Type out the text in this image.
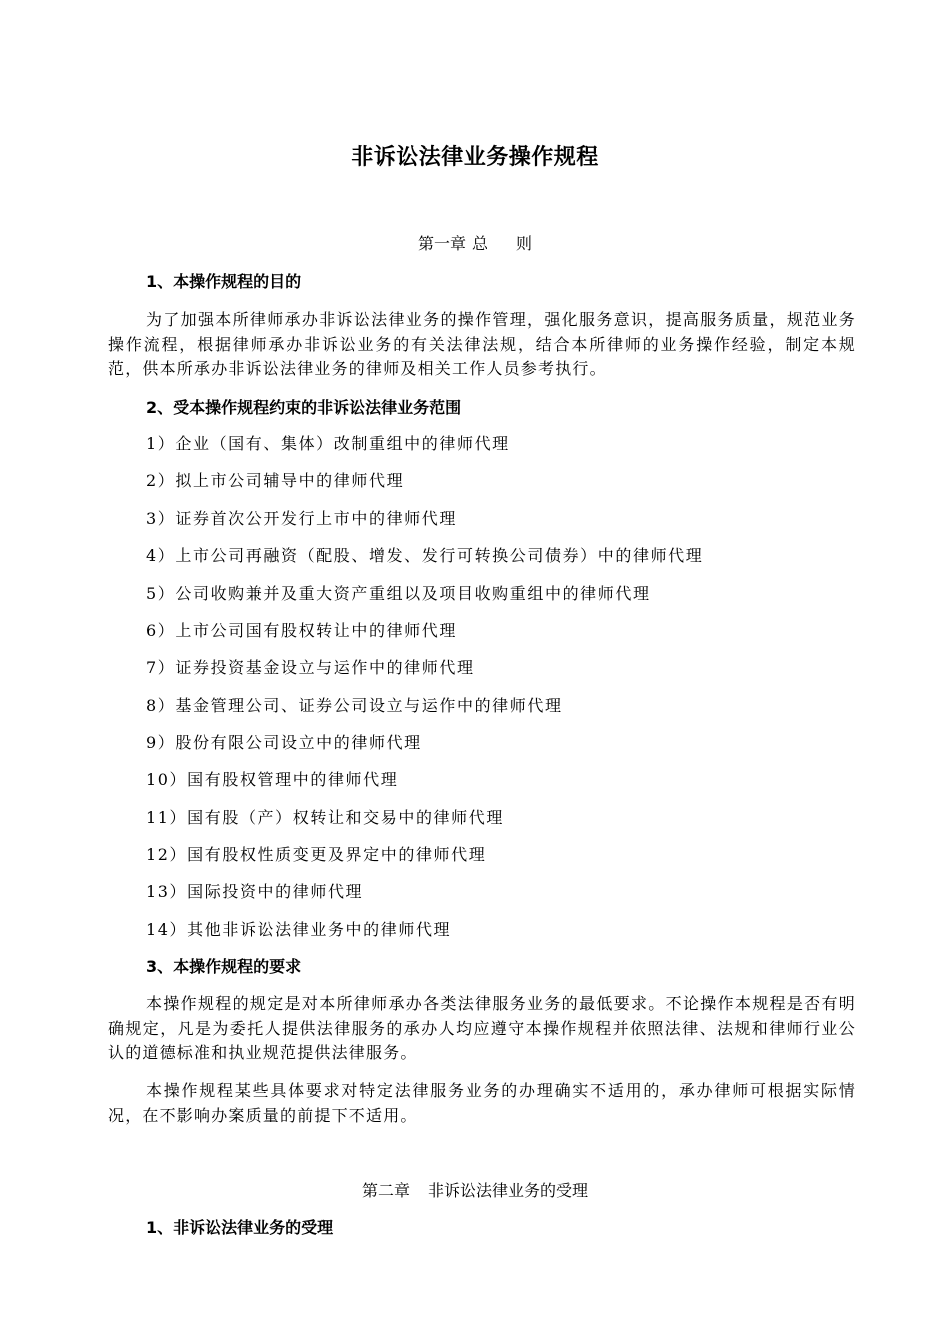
非诉讼法律业务操作规程
第一章 总 则
1、本操作规程的目的
为了加强本所律师承办非诉讼法律业务的操作管理，强化服务意识，提高服务质量，规范业务操作流程，根据律师承办非诉讼业务的有关法律法规，结合本所律师的业务操作经验，制定本规范，供本所承办非诉讼法律业务的律师及相关工作人员参考执行。
2、受本操作规程约束的非诉讼法律业务范围
1）企业（国有、集体）改制重组中的律师代理
2）拟上市公司辅导中的律师代理
3）证券首次公开发行上市中的律师代理
4）上市公司再融资（配股、增发、发行可转换公司债券）中的律师代理
5）公司收购兼并及重大资产重组以及项目收购重组中的律师代理
6）上市公司国有股权转让中的律师代理
7）证券投资基金设立与运作中的律师代理
8）基金管理公司、证券公司设立与运作中的律师代理
9）股份有限公司设立中的律师代理
10）国有股权管理中的律师代理
11）国有股（产）权转让和交易中的律师代理
12）国有股权性质变更及界定中的律师代理
13）国际投资中的律师代理
14）其他非诉讼法律业务中的律师代理
3、本操作规程的要求
本操作规程的规定是对本所律师承办各类法律服务业务的最低要求。不论操作本规程是否有明确规定，凡是为委托人提供法律服务的承办人均应遵守本操作规程并依照法律、法规和律师行业公认的道德标准和执业规范提供法律服务。
本操作规程某些具体要求对特定法律服务业务的办理确实不适用的，承办律师可根据实际情况，在不影响办案质量的前提下不适用。
第二章 非诉讼法律业务的受理
1、非诉讼法律业务的受理
